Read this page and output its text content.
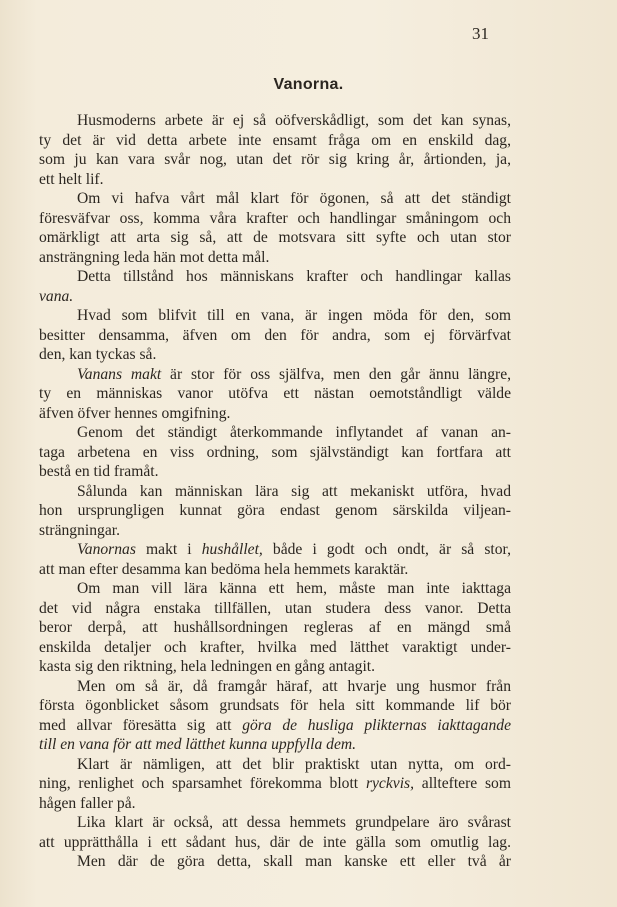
31
Vanorna.
Husmoderns arbete är ej så oöfverskådligt, som det kan synas,
ty det är vid detta arbete inte ensamt fråga om en enskild dag,
som ju kan vara svår nog, utan det rör sig kring år, årtionden, ja,
ett helt lif.
Om vi hafva vårt mål klart för ögonen, så att det ständigt
föresväfvar oss, komma våra krafter och handlingar småningom och
omärkligt att arta sig så, att de motsvara sitt syfte och utan stor
ansträngning leda hän mot detta mål.
Detta tillstånd hos människans krafter och handlingar kallas
vana.
Hvad som blifvit till en vana, är ingen möda för den, som
besitter densamma, äfven om den för andra, som ej förvärfvat
den, kan tyckas så.
Vanans makt är stor för oss själfva, men den går ännu längre,
ty en människas vanor utöfva ett nästan oemotståndligt välde
äfven öfver hennes omgifning.
Genom det ständigt återkommande inflytandet af vanan an-
taga arbetena en viss ordning, som självständigt kan fortfara att
bestå en tid framåt.
Sålunda kan människan lära sig att mekaniskt utföra, hvad
hon ursprungligen kunnat göra endast genom särskilda viljean-
strängningar.
Vanornas makt i hushållet, både i godt och ondt, är så stor,
att man efter desamma kan bedöma hela hemmets karaktär.
Om man vill lära känna ett hem, måste man inte iakttaga
det vid några enstaka tillfällen, utan studera dess vanor. Detta
beror derpå, att hushållsordningen regleras af en mängd små
enskilda detaljer och krafter, hvilka med lätthet varaktigt under-
kasta sig den riktning, hela ledningen en gång antagit.
Men om så är, då framgår häraf, att hvarje ung husmor från
första ögonblicket såsom grundsats för hela sitt kommande lif bör
med allvar föresätta sig att göra de husliga plikternas iakttagande
till en vana för att med lätthet kunna uppfylla dem.
Klart är nämligen, att det blir praktiskt utan nytta, om ord-
ning, renlighet och sparsamhet förekomma blott ryckvis, allteftere som
hågen faller på.
Lika klart är också, att dessa hemmets grundpelare äro svårast
att upprätthålla i ett sådant hus, där de inte gälla som omutlig lag.
Men där de göra detta, skall man kanske ett eller två år
